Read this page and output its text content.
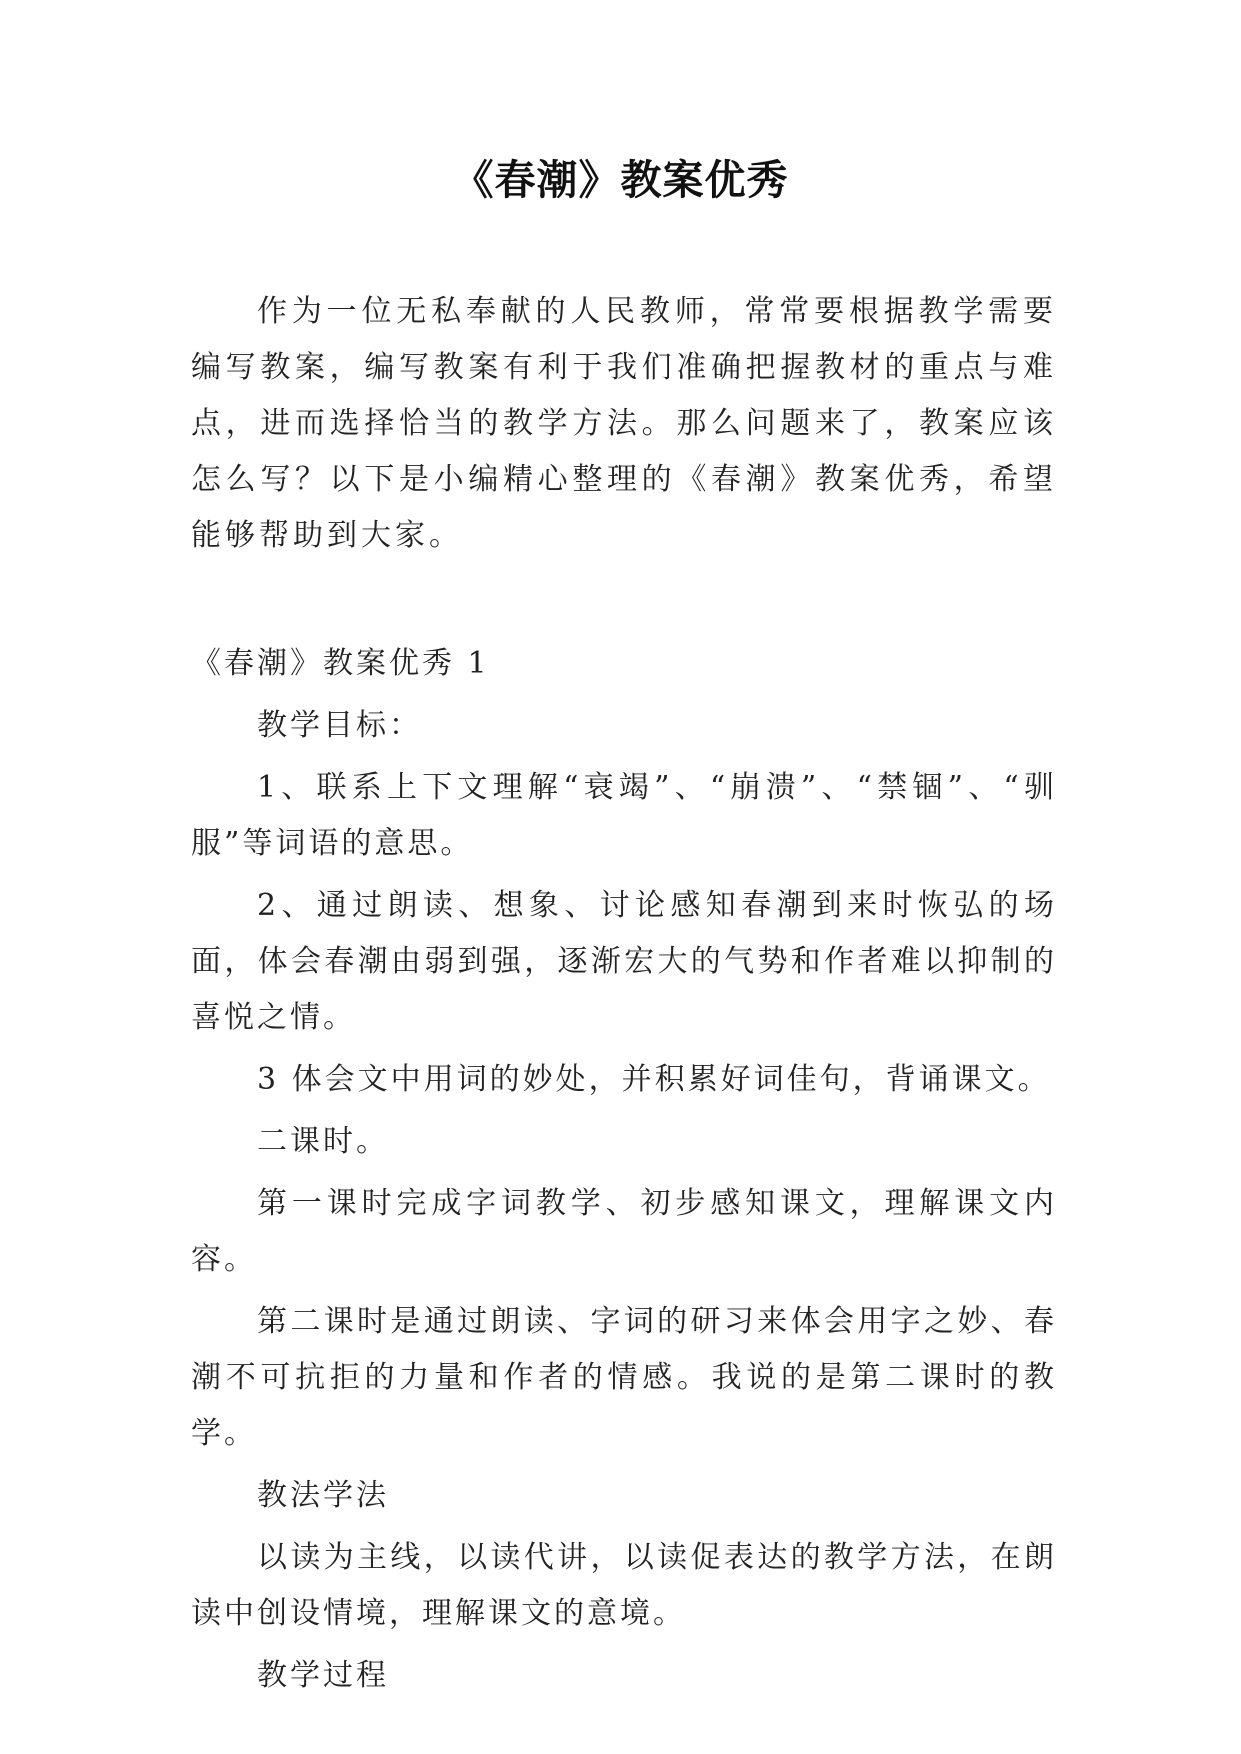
《春潮》教案优秀

作为一位无私奉献的人民教师，常常要根据教学需要编写教案，编写教案有利于我们准确把握教材的重点与难点，进而选择恰当的教学方法。那么问题来了，教案应该怎么写？以下是小编精心整理的《春潮》教案优秀，希望能够帮助到大家。

《春潮》教案优秀 1

教学目标：

1、联系上下文理解“衰竭”、“崩溃”、“禁锢”、“驯服”等词语的意思。

2、通过朗读、想象、讨论感知春潮到来时恢弘的场面，体会春潮由弱到强，逐渐宏大的气势和作者难以抑制的喜悦之情。

3 体会文中用词的妙处，并积累好词佳句，背诵课文。

二课时。

第一课时完成字词教学、初步感知课文，理解课文内容。

第二课时是通过朗读、字词的研习来体会用字之妙、春潮不可抗拒的力量和作者的情感。我说的是第二课时的教学。

教法学法

以读为主线，以读代讲，以读促表达的教学方法，在朗读中创设情境，理解课文的意境。

教学过程
